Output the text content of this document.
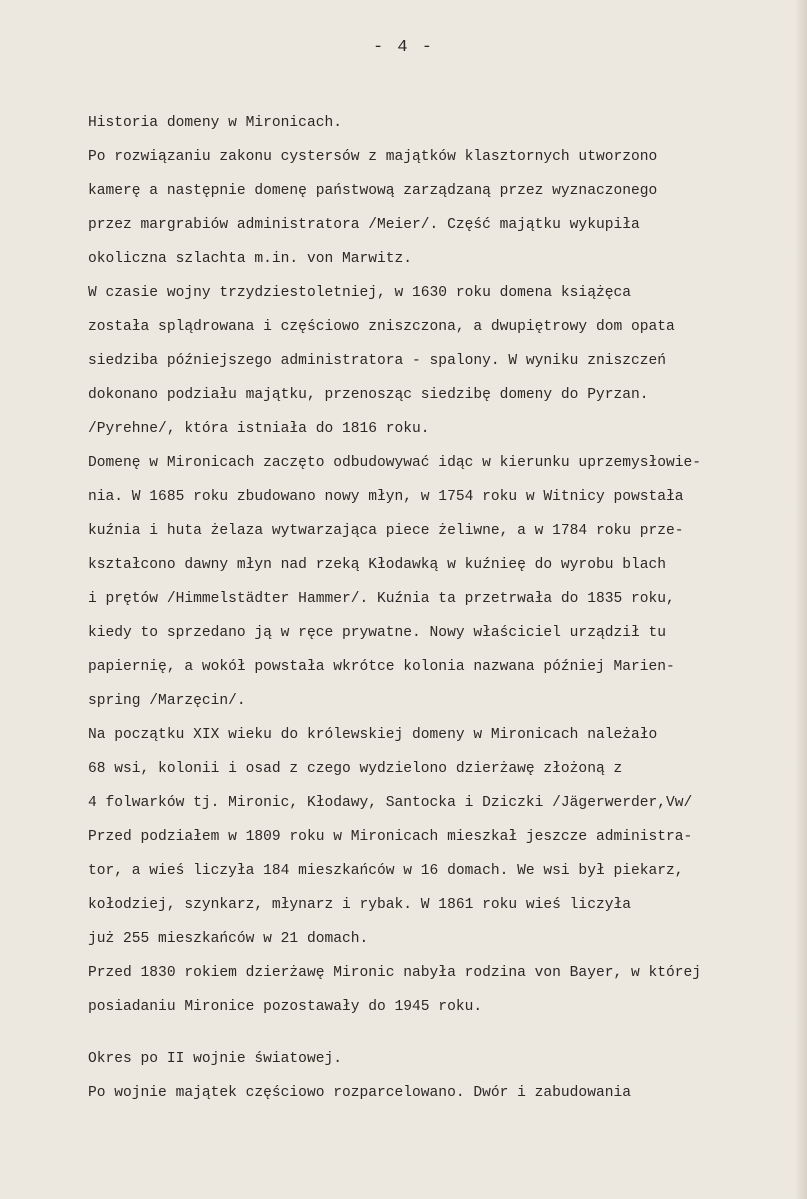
- 4 -
Historia domeny w Mironicach.
Po rozwiązaniu zakonu cystersów z majątków klasztornych utworzono
kamerę a następnie domenę państwową zarządzaną przez wyznaczonego
przez margrabiów administratora /Meier/. Część majątku wykupiła
okoliczna szlachta m.in. von Marwitz.
W czasie wojny trzydziestoletniej, w 1630 roku domena książęca
została splądrowana i częściowo zniszczona, a dwupiętrowy dom opata
siedziba późniejszego administratora - spalony. W wyniku zniszczeń
dokonano podziału majątku, przenosząc siedzibę domeny do Pyrzan.
/Pyrehne/, która istniała do 1816 roku.
Domenę w Mironicach zaczęto odbudowywać idąc w kierunku uprzemysłowie-
nia. W 1685 roku zbudowano nowy młyn, w 1754 roku w Witnicy powstała
kuźnia i huta żelaza wytwarzająca piece żeliwne, a w 1784 roku prze-
kształcono dawny młyn nad rzeką Kłodawką w kuźnieę do wyrobu blach
i prętów /Himmelstädter Hammer/. Kuźnia ta przetrwała do 1835 roku,
kiedy to sprzedano ją w ręce prywatne. Nowy właściciel urządził tu
papiernię, a wokół powstała wkrótce kolonia nazwana później Marien-
spring /Marzęcin/.
Na początku XIX wieku do królewskiej domeny w Mironicach należało
68 wsi, kolonii i osad z czego wydzielono dzierżawę złożoną z
4 folwarków tj. Mironic, Kłodawy, Santocka i Dziczki /Jägerwerder,Vw/
Przed podziałem w 1809 roku w Mironicach mieszkał jeszcze administra-
tor, a wieś liczyła 184 mieszkańców w 16 domach. We wsi był piekarz,
kołodziej, szynkarz, młynarz i rybak. W 1861 roku wieś liczyła
już 255 mieszkańców w 21 domach.
Przed 1830 rokiem dzierżawę Mironic nabyła rodzina von Bayer, w której
posiadaniu Mironice pozostawały do 1945 roku.
Okres po II wojnie światowej.
Po wojnie majątek częściowo rozparcelowano. Dwór i zabudowania
